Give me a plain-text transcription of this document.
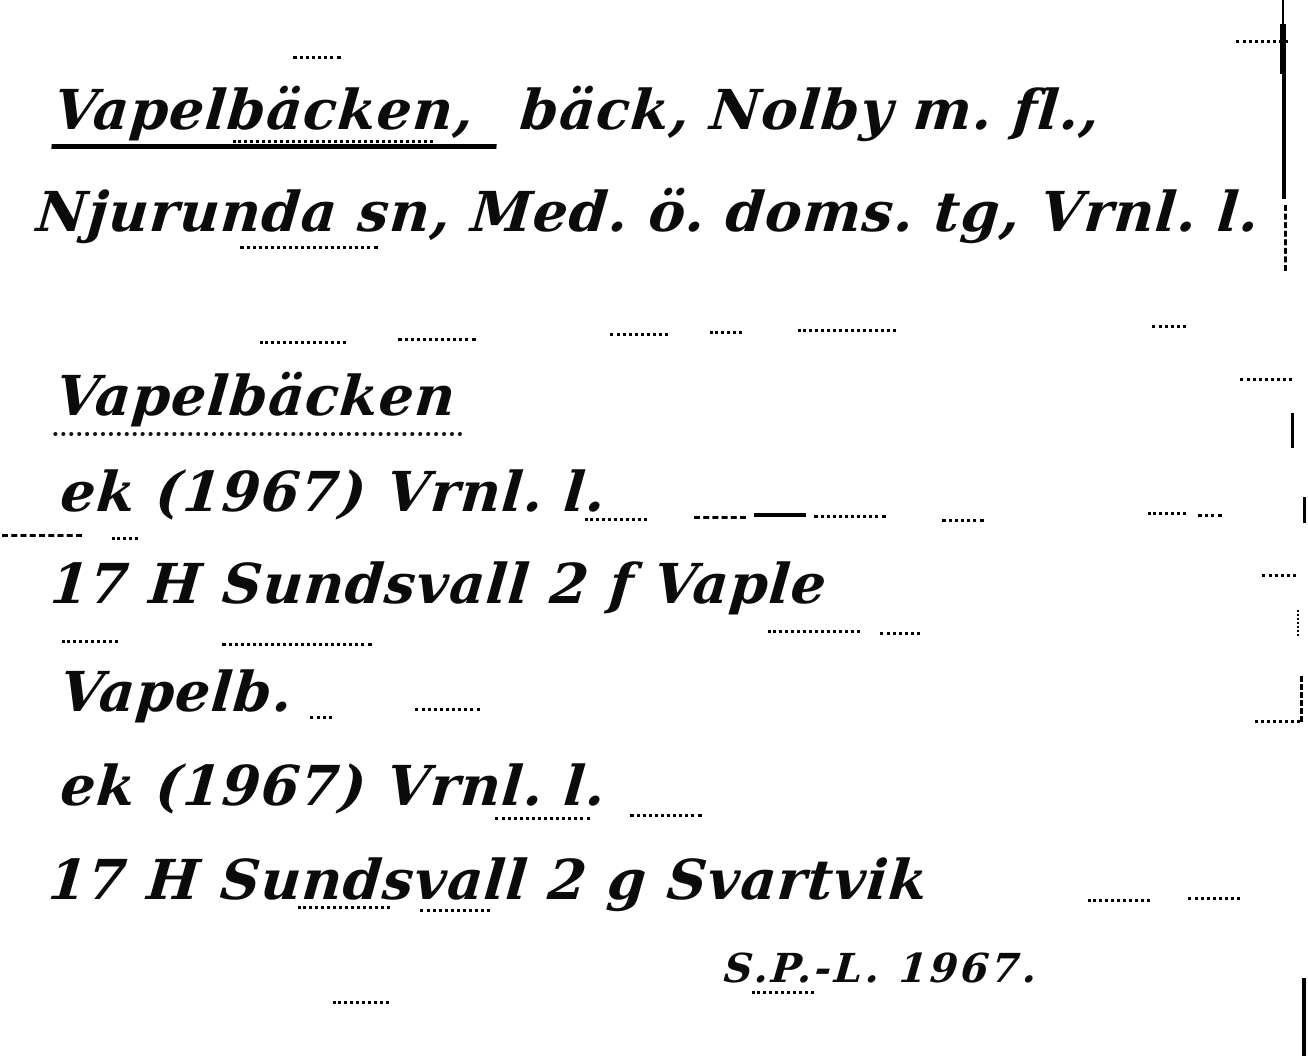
Vapelbäcken, bäck, Nolby m. fl.,
Njurunda sn, Med. ö. doms. tg, Vrnl. l.
Vapelbäcken
ek (1967) Vrnl. l.
17 H Sundsvall 2 f Vaple
Vapelb.
ek (1967) Vrnl. l.
17 H Sundsvall 2 g Svartvik
S.P.-L. 1967.
